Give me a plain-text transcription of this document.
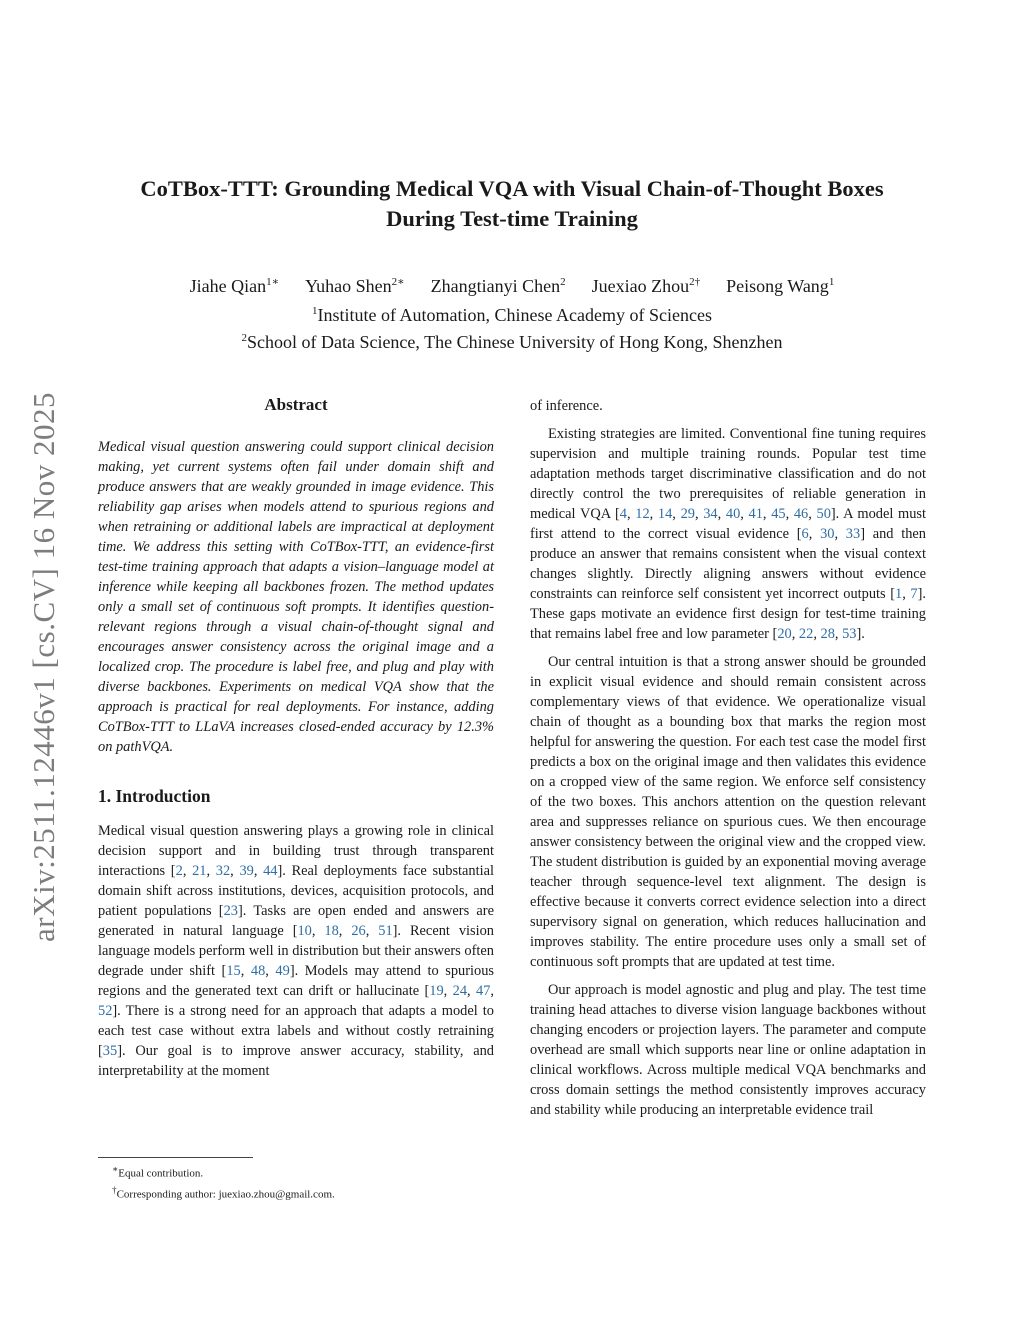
arXiv:2511.12446v1 [cs.CV] 16 Nov 2025
CoTBox-TTT: Grounding Medical VQA with Visual Chain-of-Thought Boxes
During Test-time Training
Jiahe Qian$^{1∗}$ Yuhao Shen$^{2∗}$ Zhangtianyi Chen$^2$ Juexiao Zhou$^{2\dagger}$ Peisong Wang$^1$
$^1$Institute of Automation, Chinese Academy of Sciences
$^2$School of Data Science, The Chinese University of Hong Kong, Shenzhen
Abstract

Medical visual question answering could support clinical decision making, yet current systems often fail under domain shift and produce answers that are weakly grounded in image evidence. This reliability gap arises when models attend to spurious regions and when retraining or additional labels are impractical at deployment time. We address this setting with CoTBox-TTT, an evidence-first test-time training approach that adapts a vision–language model at inference while keeping all backbones frozen. The method updates only a small set of continuous soft prompts. It identifies question-relevant regions through a visual chain-of-thought signal and encourages answer consistency across the original image and a localized crop. The procedure is label free, and plug and play with diverse backbones. Experiments on medical VQA show that the approach is practical for real deployments. For instance, adding CoTBox-TTT to LLaVA increases closed-ended accuracy by 12.3% on pathVQA.

1. Introduction

Medical visual question answering plays a growing role in clinical decision support and in building trust through transparent interactions [2, 21, 32, 39, 44]. Real deployments face substantial domain shift across institutions, devices, acquisition protocols, and patient populations [23]. Tasks are open ended and answers are generated in natural language [10, 18, 26, 51]. Recent vision language models perform well in distribution but their answers often degrade under shift [15, 48, 49]. Models may attend to spurious regions and the generated text can drift or hallucinate [19, 24, 47, 52]. There is a strong need for an approach that adapts a model to each test case without extra labels and without costly retraining [35]. Our goal is to improve answer accuracy, stability, and interpretability at the moment

of inference.

Existing strategies are limited. Conventional fine tuning requires supervision and multiple training rounds. Popular test time adaptation methods target discriminative classification and do not directly control the two prerequisites of reliable generation in medical VQA [4, 12, 14, 29, 34, 40, 41, 45, 46, 50]. A model must first attend to the correct visual evidence [6, 30, 33] and then produce an answer that remains consistent when the visual context changes slightly. Directly aligning answers without evidence constraints can reinforce self consistent yet incorrect outputs [1, 7]. These gaps motivate an evidence first design for test-time training that remains label free and low parameter [20, 22, 28, 53].

Our central intuition is that a strong answer should be grounded in explicit visual evidence and should remain consistent across complementary views of that evidence. We operationalize visual chain of thought as a bounding box that marks the region most helpful for answering the question. For each test case the model first predicts a box on the original image and then validates this evidence on a cropped view of the same region. We enforce self consistency of the two boxes. This anchors attention on the question relevant area and suppresses reliance on spurious cues. We then encourage answer consistency between the original view and the cropped view. The student distribution is guided by an exponential moving average teacher through sequence-level text alignment. The design is effective because it converts correct evidence selection into a direct supervisory signal on generation, which reduces hallucination and improves stability. The entire procedure uses only a small set of continuous soft prompts that are updated at test time.

Our approach is model agnostic and plug and play. The test time training head attaches to diverse vision language backbones without changing encoders or projection layers. The parameter and compute overhead are small which supports near line or online adaptation in clinical workflows. Across multiple medical VQA benchmarks and cross domain settings the method consistently improves accuracy and stability while producing an interpretable evidence trail

∗Equal contribution.
†Corresponding author: juexiao.zhou@gmail.com.
